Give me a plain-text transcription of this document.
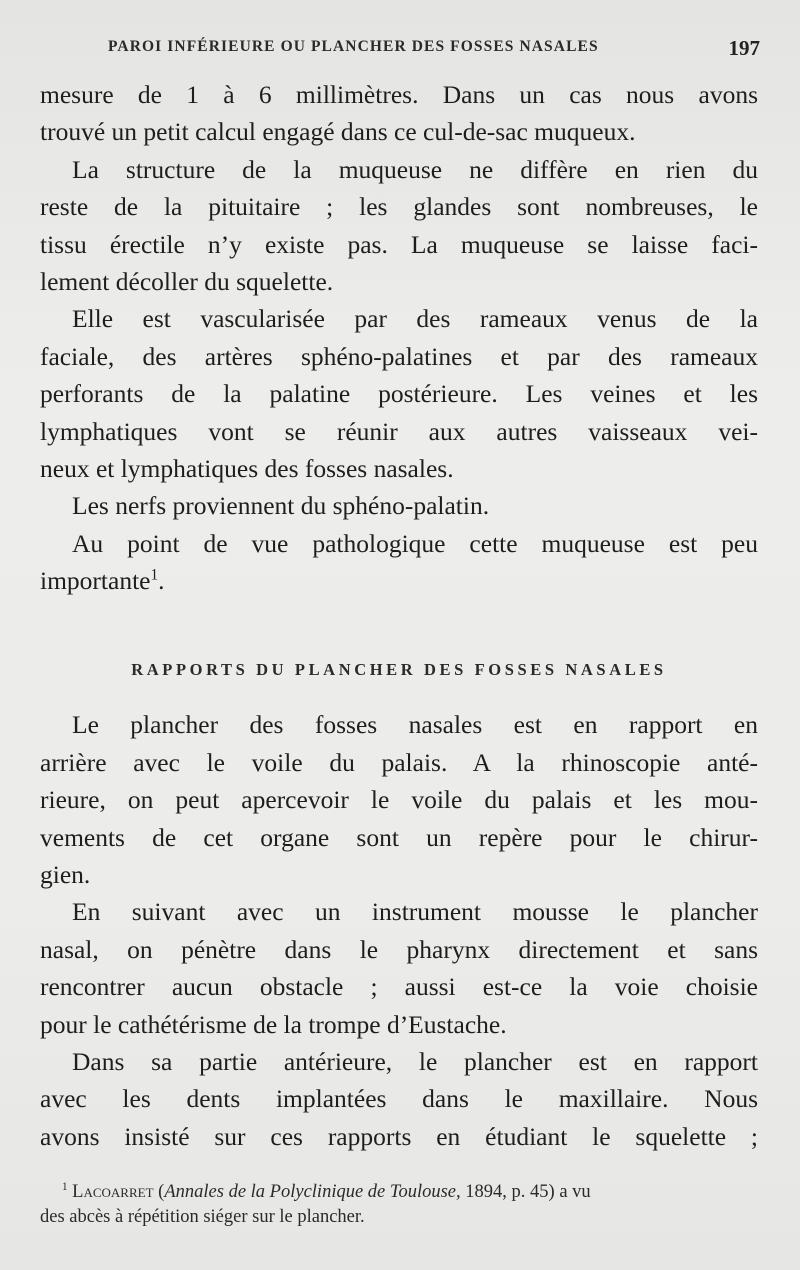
PAROI INFÉRIEURE OU PLANCHER DES FOSSES NASALES	197
mesure de 1 à 6 millimètres. Dans un cas nous avons
trouvé un petit calcul engagé dans ce cul-de-sac muqueux.
La structure de la muqueuse ne diffère en rien du
reste de la pituitaire ; les glandes sont nombreuses, le
tissu érectile n’y existe pas. La muqueuse se laisse faci-
lement décoller du squelette.
Elle est vascularisée par des rameaux venus de la
faciale, des artères sphéno-palatines et par des rameaux
perforants de la palatine postérieure. Les veines et les
lymphatiques vont se réunir aux autres vaisseaux vei-
neux et lymphatiques des fosses nasales.
Les nerfs proviennent du sphéno-palatin.
Au point de vue pathologique cette muqueuse est peu
importante$^1$.
RAPPORTS DU PLANCHER DES FOSSES NASALES
Le plancher des fosses nasales est en rapport en
arrière avec le voile du palais. A la rhinoscopie anté-
rieure, on peut apercevoir le voile du palais et les mou-
vements de cet organe sont un repère pour le chirur-
gien.
En suivant avec un instrument mousse le plancher
nasal, on pénètre dans le pharynx directement et sans
rencontrer aucun obstacle ; aussi est-ce la voie choisie
pour le cathétérisme de la trompe d’Eustache.
Dans sa partie antérieure, le plancher est en rapport
avec les dents implantées dans le maxillaire. Nous
avons insisté sur ces rapports en étudiant le squelette ;
$^1$ Lacoarret (Annales de la Polyclinique de Toulouse, 1894, p. 45) a vu
des abcès à répétition siéger sur le plancher.
